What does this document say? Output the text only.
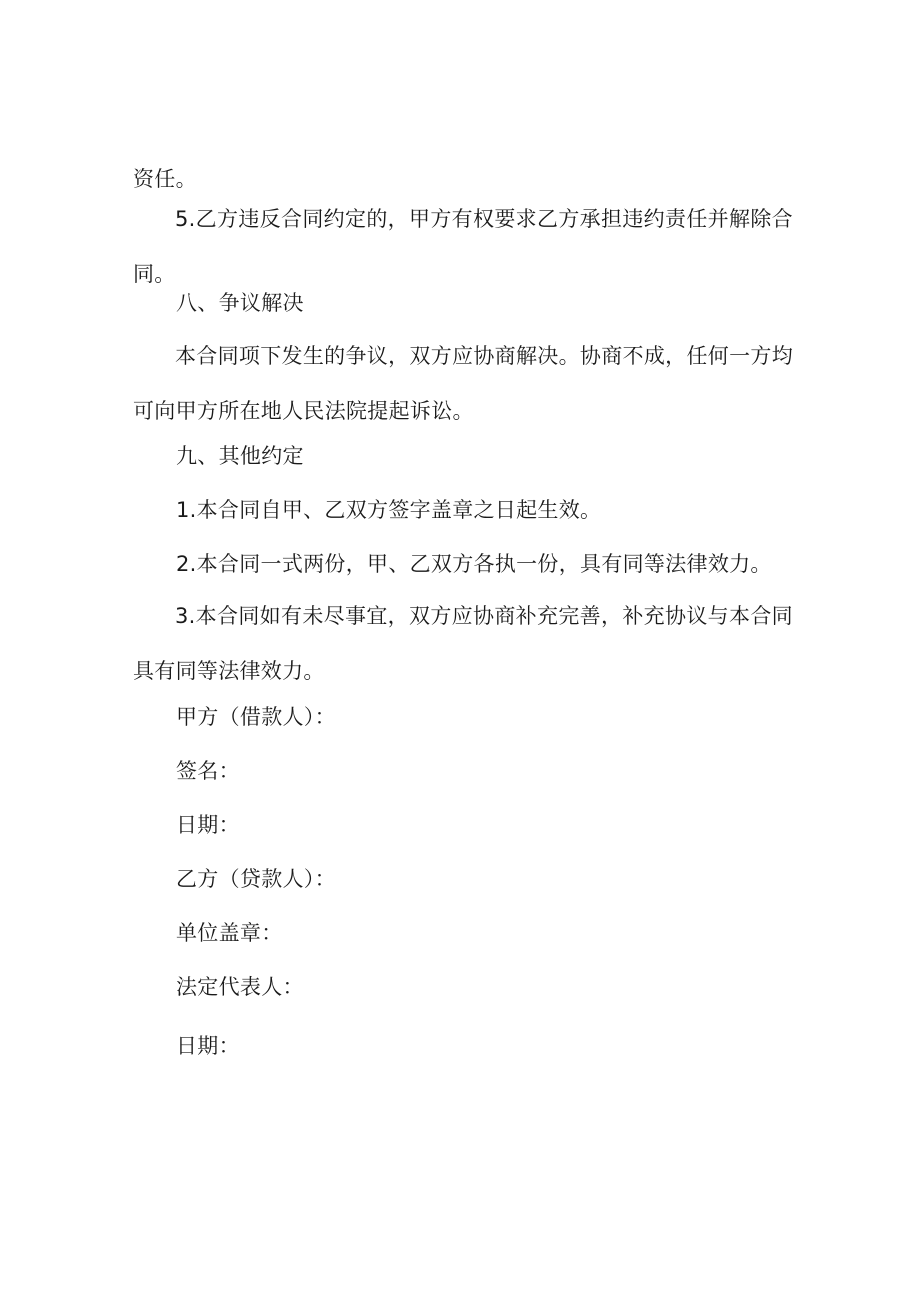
资任。

5.乙方违反合同约定的，甲方有权要求乙方承担违约责任并解除合同。

八、争议解决

本合同项下发生的争议，双方应协商解决。协商不成，任何一方均可向甲方所在地人民法院提起诉讼。

九、其他约定

1.本合同自甲、乙双方签字盖章之日起生效。

2.本合同一式两份，甲、乙双方各执一份，具有同等法律效力。

3.本合同如有未尽事宜，双方应协商补充完善，补充协议与本合同具有同等法律效力。

甲方（借款人）：

签名：

日期：

乙方（贷款人）：

单位盖章：

法定代表人：

日期：
